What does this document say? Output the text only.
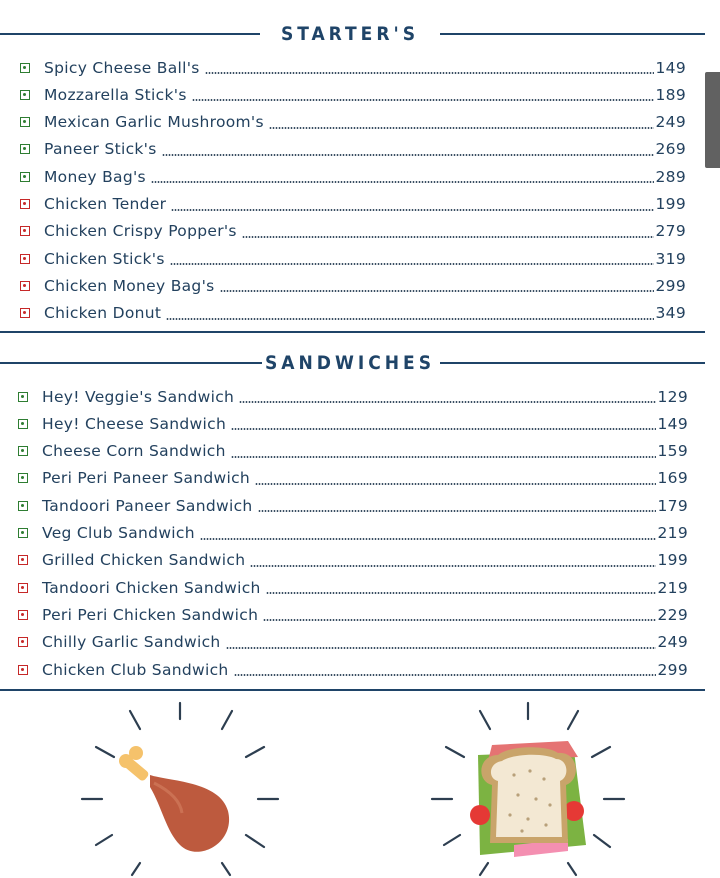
STARTER'S
Spicy Cheese Ball's	149
Mozzarella Stick's	189
Mexican Garlic Mushroom's	249
Paneer Stick's	269
Money Bag's	289
Chicken Tender	199
Chicken Crispy Popper's	279
Chicken Stick's	319
Chicken Money Bag's	299
Chicken Donut	349
SANDWICHES
Hey! Veggie's Sandwich	129
Hey! Cheese Sandwich	149
Cheese Corn Sandwich	159
Peri Peri Paneer Sandwich	169
Tandoori Paneer Sandwich	179
Veg Club Sandwich	219
Grilled Chicken Sandwich	199
Tandoori Chicken Sandwich	219
Peri Peri Chicken Sandwich	229
Chilly Garlic Sandwich	249
Chicken Club Sandwich	299
